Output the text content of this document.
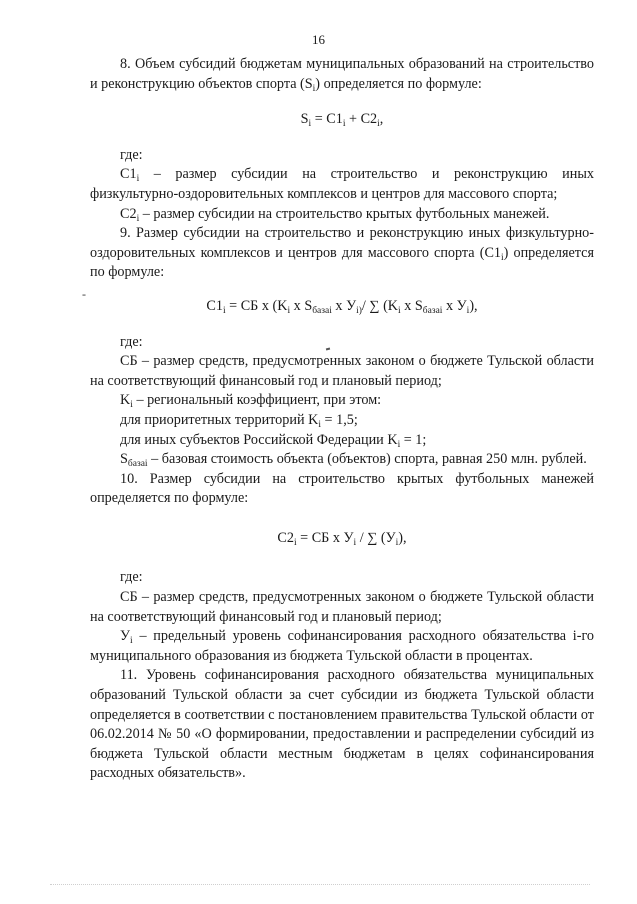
16
-

8. Объем субсидий бюджетам муниципальных образований на строительство и реконструкцию объектов спорта $(S_i)$ определяется по формуле:

$S_i = C1_i + C2_i$,

где:

$C1_i$ – размер субсидии на строительство и реконструкцию иных физкультурно-оздоровительных комплексов и центров для массового спорта;

$C2_i$ – размер субсидии на строительство крытых футбольных манежей.

9. Размер субсидии на строительство и реконструкцию иных физкультурно-оздоровительных комплексов и центров для массового спорта $(C1_i)$ определяется по формуле:

$C1_i$ = СБ x ($K_i$ x $S_{базаi}$ x $У_{i)}/$ ∑ ($K_i$ x $S_{базаi}$ x $У_i$),

где:

СБ – размер средств, предусмотренных законом о бюджете Тульской области на соответствующий финансовый год и плановый период;

$K_i$ – региональный коэффициент, при этом:

для приоритетных территорий $K_i = 1,5$;

для иных субъектов Российской Федерации $K_i = 1$;

$S_{базаi}$ – базовая стоимость объекта (объектов) спорта, равная 250 млн. рублей.

10. Размер субсидии на строительство крытых футбольных манежей определяется по формуле:

$C2_i$ = СБ x $У_i$ / ∑ $(У_i)$,

где:

СБ – размер средств, предусмотренных законом о бюджете Тульской области на соответствующий финансовый год и плановый период;

$У_i$ – предельный уровень софинансирования расходного обязательства i-го муниципального образования из бюджета Тульской области в процентах.

11. Уровень софинансирования расходного обязательства муниципальных образований Тульской области за счет субсидии из бюджета Тульской области определяется в соответствии с постановлением правительства Тульской области от 06.02.2014 № 50 «О формировании, предоставлении и распределении субсидий из бюджета Тульской области местным бюджетам в целях софинансирования расходных обязательств».
